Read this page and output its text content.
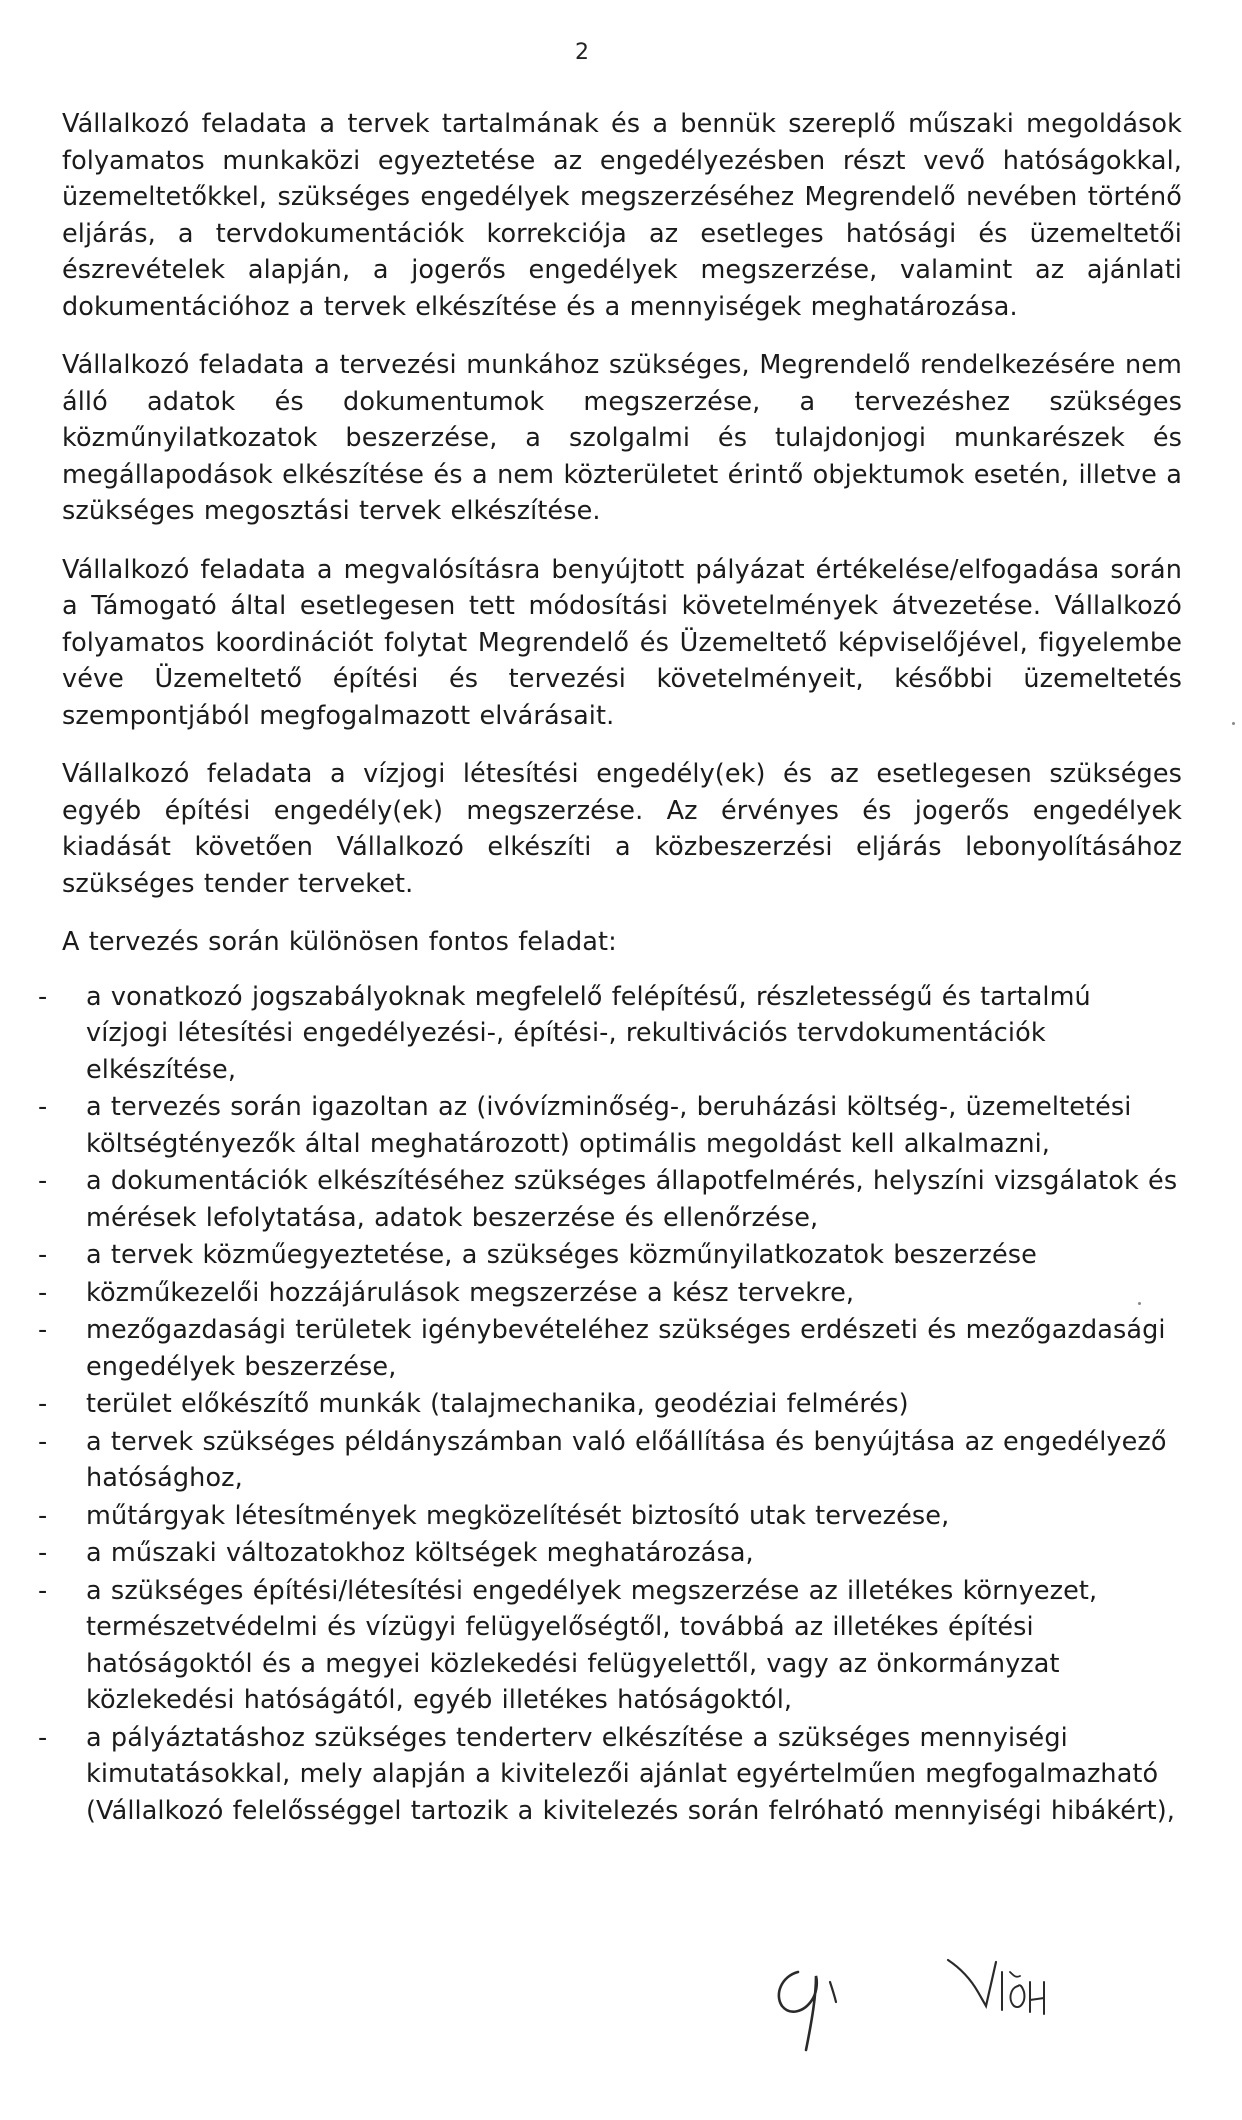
2

Vállalkozó feladata a tervek tartalmának és a bennük szereplő műszaki megoldások folyamatos munkaközi egyeztetése az engedélyezésben részt vevő hatóságokkal, üzemeltetőkkel, szükséges engedélyek megszerzéséhez Megrendelő nevében történő eljárás, a tervdokumentációk korrekciója az esetleges hatósági és üzemeltetői észrevételek alapján, a jogerős engedélyek megszerzése, valamint az ajánlati dokumentációhoz a tervek elkészítése és a mennyiségek meghatározása.

Vállalkozó feladata a tervezési munkához szükséges, Megrendelő rendelkezésére nem álló adatok és dokumentumok megszerzése, a tervezéshez szükséges közműnyilatkozatok beszerzése, a szolgalmi és tulajdonjogi munkarészek és megállapodások elkészítése és a nem közterületet érintő objektumok esetén, illetve a szükséges megosztási tervek elkészítése.

Vállalkozó feladata a megvalósításra benyújtott pályázat értékelése/elfogadása során a Támogató által esetlegesen tett módosítási követelmények átvezetése. Vállalkozó folyamatos koordinációt folytat Megrendelő és Üzemeltető képviselőjével, figyelembe véve Üzemeltető építési és tervezési követelményeit, későbbi üzemeltetés szempontjából megfogalmazott elvárásait.

Vállalkozó feladata a vízjogi létesítési engedély(ek) és az esetlegesen szükséges egyéb építési engedély(ek) megszerzése. Az érvényes és jogerős engedélyek kiadását követően Vállalkozó elkészíti a közbeszerzési eljárás lebonyolításához szükséges tender terveket.

A tervezés során különösen fontos feladat:

- a vonatkozó jogszabályoknak megfelelő felépítésű, részletességű és tartalmú vízjogi létesítési engedélyezési-, építési-, rekultivációs tervdokumentációk elkészítése,
- a tervezés során igazoltan az (ivóvízminőség-, beruházási költség-, üzemeltetési költségtényezők által meghatározott) optimális megoldást kell alkalmazni,
- a dokumentációk elkészítéséhez szükséges állapotfelmérés, helyszíni vizsgálatok és mérések lefolytatása, adatok beszerzése és ellenőrzése,
- a tervek közműegyeztetése, a szükséges közműnyilatkozatok beszerzése
- közműkezelői hozzájárulások megszerzése a kész tervekre,
- mezőgazdasági területek igénybevételéhez szükséges erdészeti és mezőgazdasági engedélyek beszerzése,
- terület előkészítő munkák (talajmechanika, geodéziai felmérés)
- a tervek szükséges példányszámban való előállítása és benyújtása az engedélyező hatósághoz,
- műtárgyak létesítmények megközelítését biztosító utak tervezése,
- a műszaki változatokhoz költségek meghatározása,
- a szükséges építési/létesítési engedélyek megszerzése az illetékes környezet, természetvédelmi és vízügyi felügyelőségtől, továbbá az illetékes építési hatóságoktól és a megyei közlekedési felügyelettől, vagy az önkormányzat közlekedési hatóságától, egyéb illetékes hatóságoktól,
- a pályáztatáshoz szükséges tenderterv elkészítése a szükséges mennyiségi kimutatásokkal, mely alapján a kivitelezői ajánlat egyértelműen megfogalmazható (Vállalkozó felelősséggel tartozik a kivitelezés során felróható mennyiségi hibákért),
